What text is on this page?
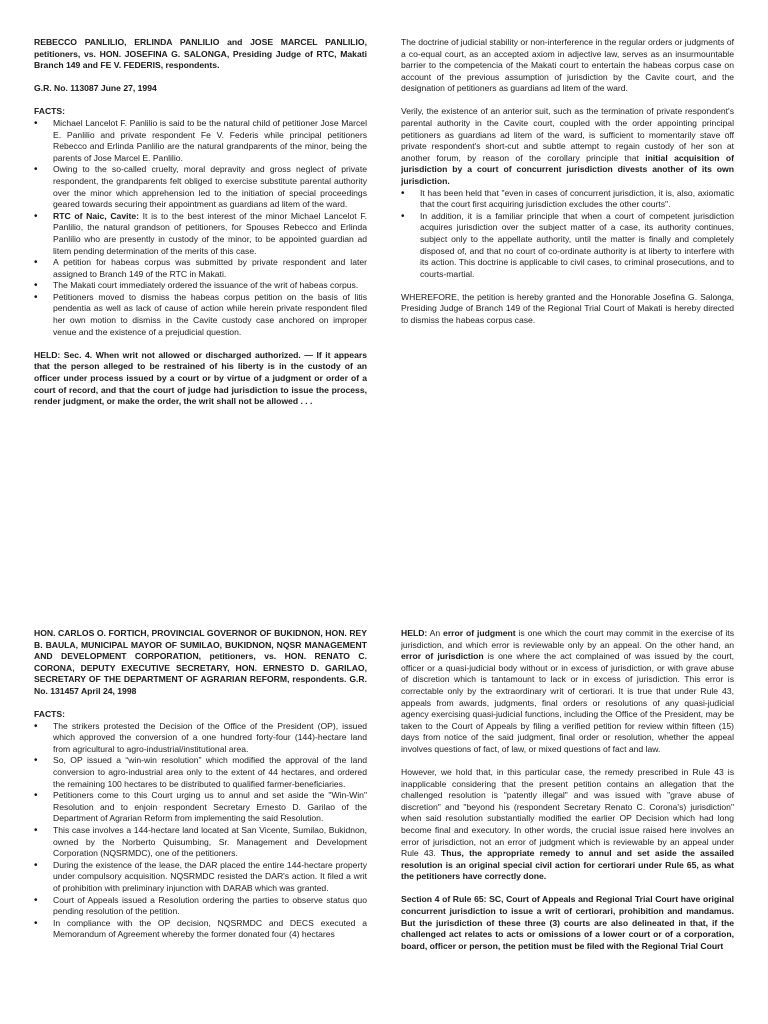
REBECCO PANLILIO, ERLINDA PANLILIO and JOSE MARCEL PANLILIO, petitioners, vs. HON. JOSEFINA G. SALONGA, Presiding Judge of RTC, Makati Branch 149 and FE V. FEDERIS, respondents.

G.R. No. 113087 June 27, 1994

FACTS:

• Michael Lancelot F. Panlilio is said to be the natural child of petitioner Jose Marcel E. Panlilio and private respondent Fe V. Federis while principal petitioners Rebecco and Erlinda Panlilio are the natural grandparents of the minor, being the parents of Jose Marcel E. Panlilio.
• Owing to the so-called cruelty, moral depravity and gross neglect of private respondent, the grandparents felt obliged to exercise substitute parental authority over the minor which apprehension led to the initiation of special proceedings geared towards securing their appointment as guardians ad litem of the ward.
• RTC of Naic, Cavite: It is to the best interest of the minor Michael Lancelot F. Panlilio, the natural grandson of petitioners, for Spouses Rebecco and Erlinda Panlilio who are presently in custody of the minor, to be appointed guardian ad litem pending determination of the merits of this case.
• A petition for habeas corpus was submitted by private respondent and later assigned to Branch 149 of the RTC in Makati.
• The Makati court immediately ordered the issuance of the writ of habeas corpus.
• Petitioners moved to dismiss the habeas corpus petition on the basis of litis pendentia as well as lack of cause of action while herein private respondent filed her own motion to dismiss in the Cavite custody case anchored on improper venue and the existence of a prejudicial question.

HELD: Sec. 4. When writ not allowed or discharged authorized. — If it appears that the person alleged to be restrained of his liberty is in the custody of an officer under process issued by a court or by virtue of a judgment or order of a court of record, and that the court of judge had jurisdiction to issue the process, render judgment, or make the order, the writ shall not be allowed . . .

The doctrine of judicial stability or non-interference in the regular orders or judgments of a co-equal court, as an accepted axiom in adjective law, serves as an insurmountable barrier to the competencia of the Makati court to entertain the habeas corpus case on account of the previous assumption of jurisdiction by the Cavite court, and the designation of petitioners as guardians ad litem of the ward.

Verily, the existence of an anterior suit, such as the termination of private respondent's parental authority in the Cavite court, coupled with the order appointing principal petitioners as guardians ad litem of the ward, is sufficient to momentarily stave off private respondent's short-cut and subtle attempt to regain custody of her son at another forum, by reason of the corollary principle that initial acquisition of jurisdiction by a court of concurrent jurisdiction divests another of its own jurisdiction.

• It has been held that "even in cases of concurrent jurisdiction, it is, also, axiomatic that the court first acquiring jurisdiction excludes the other courts".
• In addition, it is a familiar principle that when a court of competent jurisdiction acquires jurisdiction over the subject matter of a case, its authority continues, subject only to the appellate authority, until the matter is finally and completely disposed of, and that no court of co-ordinate authority is at liberty to interfere with its action. This doctrine is applicable to civil cases, to criminal prosecutions, and to courts-martial.

WHEREFORE, the petition is hereby granted and the Honorable Josefina G. Salonga, Presiding Judge of Branch 149 of the Regional Trial Court of Makati is hereby directed to dismiss the habeas corpus case.

HON. CARLOS O. FORTICH, PROVINCIAL GOVERNOR OF BUKIDNON, HON. REY B. BAULA, MUNICIPAL MAYOR OF SUMILAO, BUKIDNON, NQSR MANAGEMENT AND DEVELOPMENT CORPORATION, petitioners, vs. HON. RENATO C. CORONA, DEPUTY EXECUTIVE SECRETARY, HON. ERNESTO D. GARILAO, SECRETARY OF THE DEPARTMENT OF AGRARIAN REFORM, respondents. G.R. No. 131457 April 24, 1998

FACTS:

• The strikers protested the Decision of the Office of the President (OP), issued which approved the conversion of a one hundred forty-four (144)-hectare land from agricultural to agro-industrial/institutional area.
• So, OP issued a “win-win resolution” which modified the approval of the land conversion to agro-industrial area only to the extent of 44 hectares, and ordered the remaining 100 hectares to be distributed to qualified farmer-beneficiaries.
• Petitioners come to this Court urging us to annul and set aside the "Win-Win" Resolution and to enjoin respondent Secretary Ernesto D. Garilao of the Department of Agrarian Reform from implementing the said Resolution.
• This case involves a 144-hectare land located at San Vicente, Sumilao, Bukidnon, owned by the Norberto Quisumbing, Sr. Management and Development Corporation (NQSRMDC), one of the petitioners.
• During the existence of the lease, the DAR placed the entire 144-hectare property under compulsory acquisition. NQSRMDC resisted the DAR's action. It filed a writ of prohibition with preliminary injunction with DARAB which was granted.
• Court of Appeals issued a Resolution ordering the parties to observe status quo pending resolution of the petition.
• In compliance with the OP decision, NQSRMDC and DECS executed a Memorandum of Agreement whereby the former donated four (4) hectares

HELD: An error of judgment is one which the court may commit in the exercise of its jurisdiction, and which error is reviewable only by an appeal. On the other hand, an error of jurisdiction is one where the act complained of was issued by the court, officer or a quasi-judicial body without or in excess of jurisdiction, or with grave abuse of discretion which is tantamount to lack or in excess of jurisdiction. This error is correctable only by the extraordinary writ of certiorari. It is true that under Rule 43, appeals from awards, judgments, final orders or resolutions of any quasi-judicial agency exercising quasi-judicial functions, including the Office of the President, may be taken to the Court of Appeals by filing a verified petition for review within fifteen (15) days from notice of the said judgment, final order or resolution, whether the appeal involves questions of fact, of law, or mixed questions of fact and law.

However, we hold that, in this particular case, the remedy prescribed in Rule 43 is inapplicable considering that the present petition contains an allegation that the challenged resolution is "patently illegal" and was issued with "grave abuse of discretion" and "beyond his (respondent Secretary Renato C. Corona's) jurisdiction" when said resolution substantially modified the earlier OP Decision which had long become final and executory. In other words, the crucial issue raised here involves an error of jurisdiction, not an error of judgment which is reviewable by an appeal under Rule 43. Thus, the appropriate remedy to annul and set aside the assailed resolution is an original special civil action for certiorari under Rule 65, as what the petitioners have correctly done.

Section 4 of Rule 65: SC, Court of Appeals and Regional Trial Court have original concurrent jurisdiction to issue a writ of certiorari, prohibition and mandamus. But the jurisdiction of these three (3) courts are also delineated in that, if the challenged act relates to acts or omissions of a lower court or of a corporation, board, officer or person, the petition must be filed with the Regional Trial Court
